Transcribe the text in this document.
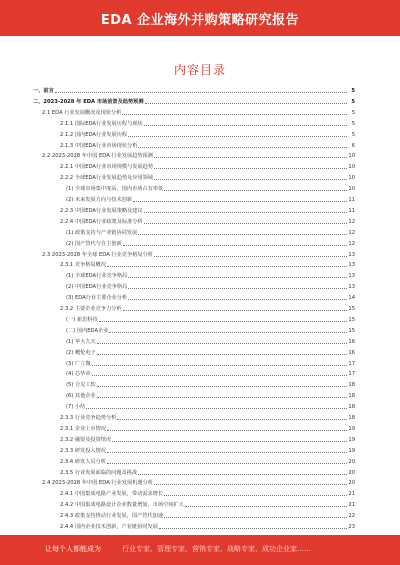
EDA 企业海外并购策略研究报告
内容目录
一、前言	5
二、2023-2028 年 EDA 市场前景及趋势预测	5
2.1 EDA 行业发展概况及现状分析	5
2.1.1 国际EDA行业发展历程与现状	5
2.1.2 国内EDA行业发展历程	5
2.1.3 中国EDA行业市场现状分析	6
2.2 2023-2028 年中国 EDA 行业发展趋势预测	10
2.2.1 中国EDA行业市场规模与发展趋势	10
2.2.2 全球EDA行业发展趋势及应用领域	10
(1) 全球市场集中度高，国内市场占有率低	10
(2) 未来发展方向与技术创新	11
2.2.3 中国EDA行业发展策略及建议	11
2.2.4 中国EDA行业政策及标准分析	12
(1) 政策支持与产业链协同发展	12
(2) 国产替代与自主创新	12
2.3 2023-2028 年全球 EDA 行业竞争格局分析	13
2.3.1 竞争格局概况	13
(1) 全球EDA行业竞争格局	13
(2) 中国EDA行业竞争格局	13
(3) EDA行业主要企业分析	14
2.3.2 主要企业竞争力分析	15
(一) 新思科技	15
(二) 国内EDA企业	15
(1) 华大九天	16
(2) 概伦电子	16
(3) 广立微	17
(4) 芯华章	17
(5) 合见工软	18
(6) 其他企业	18
(7) 小结	18
2.3.3 行业竞争趋势分析	18
2.3.1 企业上市情况	19
2.3.2 融资及投资情况	19
2.3.3 研发投入情况	19
2.3.4 研发人员分析	20
2.3.5 行业发展面临的问题及挑战	20
2.4 2023-2028 年中国 EDA 行业发展机遇分析	20
2.4.1 中国集成电路产业发展，带动需求增长	21
2.4.2 中国集成电路设计企业数量增加，市场空间扩大	21
2.4.3 政策支持推动行业发展，国产替代加速	22
2.4.4 国内企业技术创新，产业链协同发展	23
让每个人都能成为	行业专家、管理专家、营销专家、战略专家、成功企业家……
